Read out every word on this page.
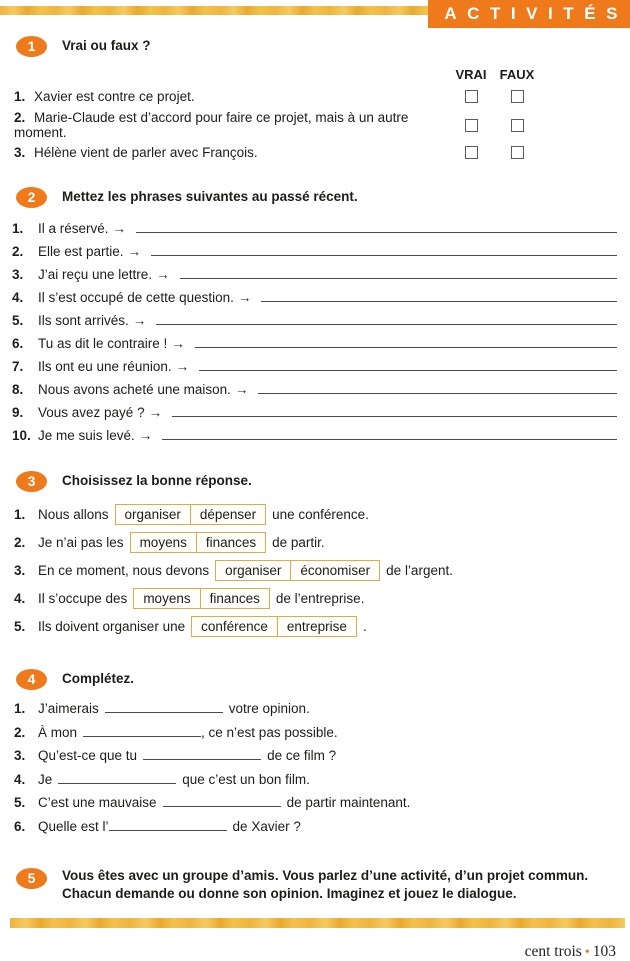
ACTIVITÉS
1	Vrai ou faux ?
VRAI	FAUX
1. Xavier est contre ce projet.
2. Marie-Claude est d’accord pour faire ce projet, mais à un autre moment.
3. Hélène vient de parler avec François.
2	Mettez les phrases suivantes au passé récent.
1.	Il a réservé. →
2.	Elle est partie. →
3.	J’ai reçu une lettre. →
4.	Il s’est occupé de cette question. →
5.	Ils sont arrivés. →
6.	Tu as dit le contraire ! →
7.	Ils ont eu une réunion. →
8.	Nous avons acheté une maison. →
9.	Vous avez payé ? →
10. Je me suis levé. →
3	Choisissez la bonne réponse.
1. Nous allons	organiser	dépenser	une conférence.
2. Je n’ai pas les	moyens	finances	de partir.
3. En ce moment, nous devons	organiser	économiser	de l’argent.
4. Il s’occupe des	moyens	finances	de l’entreprise.
5. Ils doivent organiser une	conférence	entreprise	.
4	Complétez.
1. J’aimerais	votre opinion.
2. À mon	, ce n’est pas possible.
3. Qu’est-ce que tu	de ce film ?
4. Je	que c’est un bon film.
5. C’est une mauvaise	de partir maintenant.
6. Quelle est l’	de Xavier ?
5	Vous êtes avec un groupe d’amis. Vous parlez d’une activité, d’un projet commun.
Chacun demande ou donne son opinion. Imaginez et jouez le dialogue.
cent trois • 103
